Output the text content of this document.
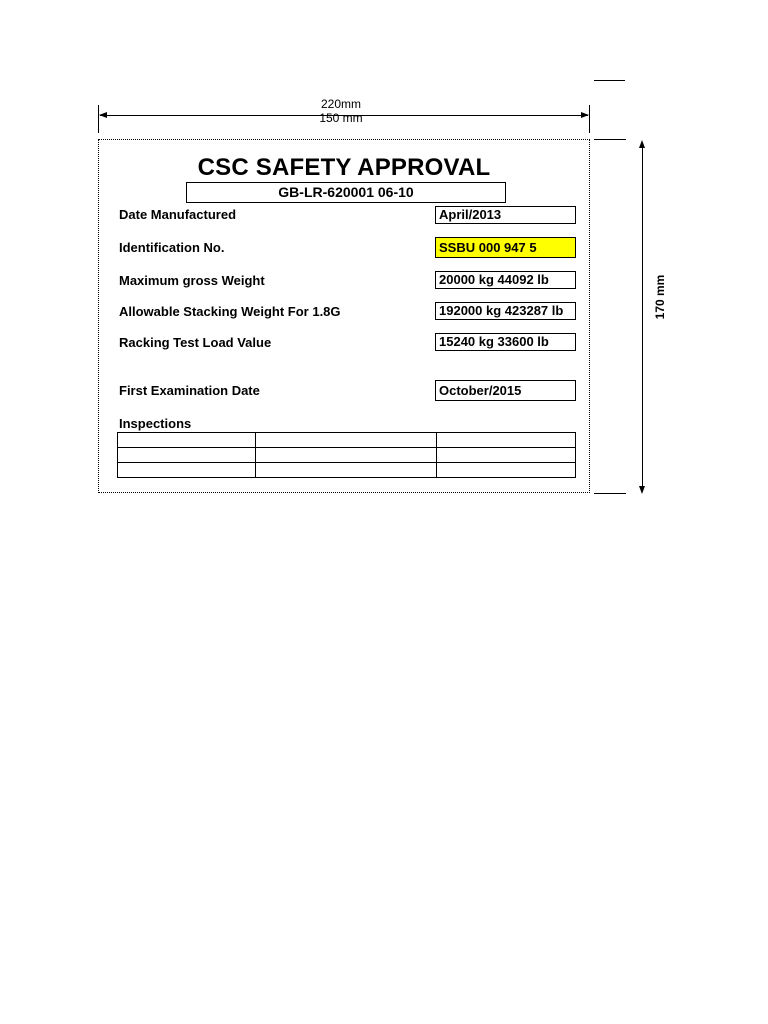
220mm
150 mm
170 mm
CSC SAFETY APPROVAL
GB-LR-620001 06-10
Date Manufactured	April/2013
Identification No.	SSBU 000 947 5
Maximum gross Weight	20000 kg 44092 lb
Allowable Stacking Weight For 1.8G	192000 kg 423287 lb
Racking Test Load Value	15240 kg 33600 lb
First Examination Date	October/2015
Inspections
